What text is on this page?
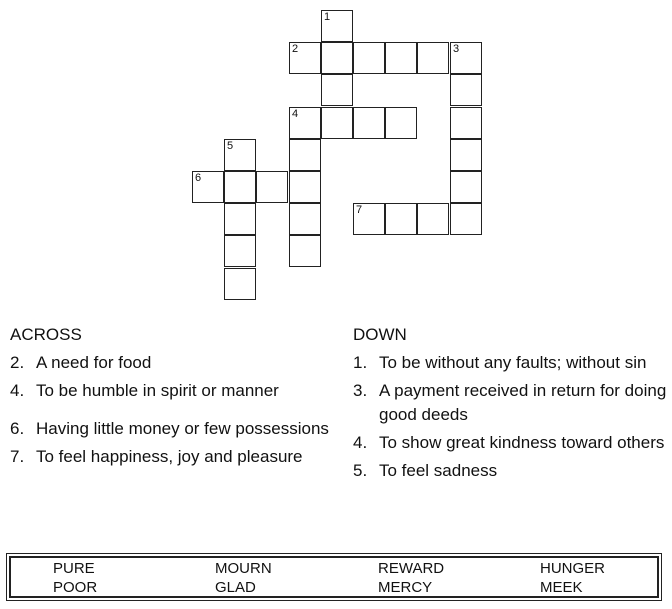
1
2	3
4
5
6
7
ACROSS
2. A need for food
4. To be humble in spirit or manner
6. Having little money or few possessions
7. To feel happiness, joy and pleasure
DOWN
1. To be without any faults; without sin
3. A payment received in return for doing good deeds
4. To show great kindness toward others
5. To feel sadness
PURE	MOURN	REWARD	HUNGER
POOR	GLAD	MERCY	MEEK
